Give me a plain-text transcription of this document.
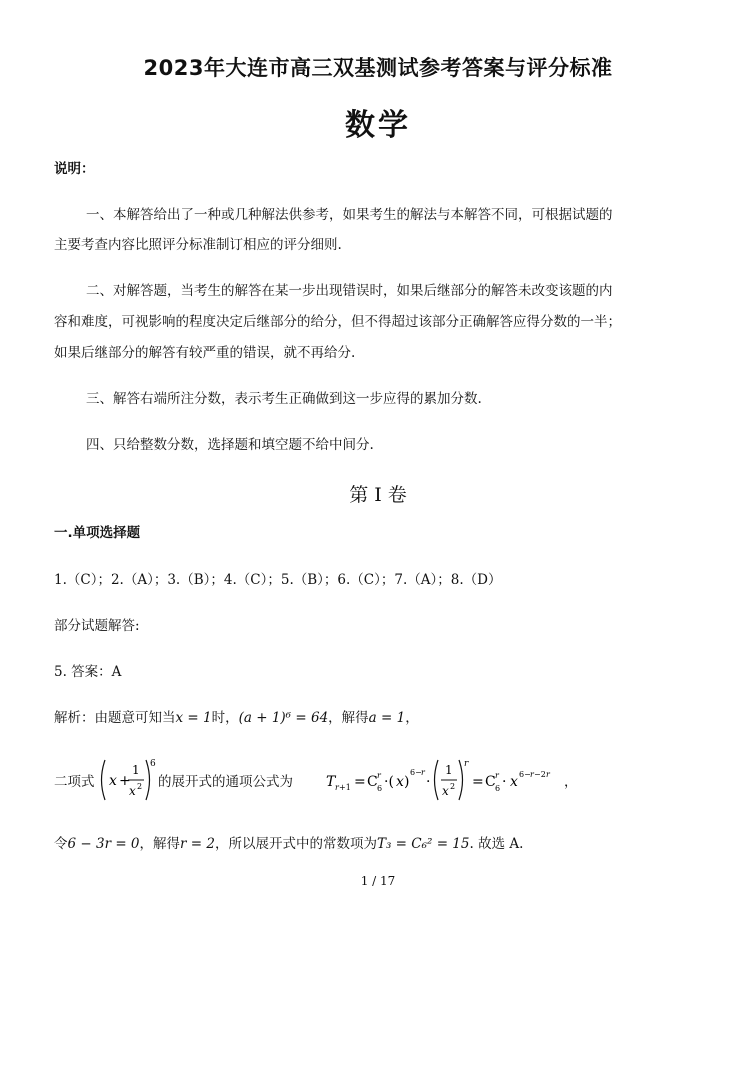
2023年大连市高三双基测试参考答案与评分标准
数学
说明：
一、本解答给出了一种或几种解法供参考，如果考生的解法与本解答不同，可根据试题的
主要考查内容比照评分标准制订相应的评分细则.
二、对解答题，当考生的解答在某一步出现错误时，如果后继部分的解答未改变该题的内
容和难度，可视影响的程度决定后继部分的给分，但不得超过该部分正确解答应得分数的一半；
如果后继部分的解答有较严重的错误，就不再给分.
三、解答右端所注分数，表示考生正确做到这一步应得的累加分数.
四、只给整数分数，选择题和填空题不给中间分.
第 I 卷
一.单项选择题
1.（C）；2.（A）；3.（B）；4.（C）；5.（B）；6.（C）；7.（A）；8.（D）
部分试题解答:
5. 答案：A
解析：由题意可知当x = 1时，(a + 1)⁶ = 64，解得a = 1，
二项式 x +
1
x 2
6
的展开式的通项公式为 T r +1 = C r
6 ·( x )
6− r
·
1
x 2
r
= C r
6 · x 6− r −2 r ，
令6 − 3r = 0，解得r = 2，所以展开式中的常数项为T₃ = C₆² = 15. 故选 A.
1 / 17
